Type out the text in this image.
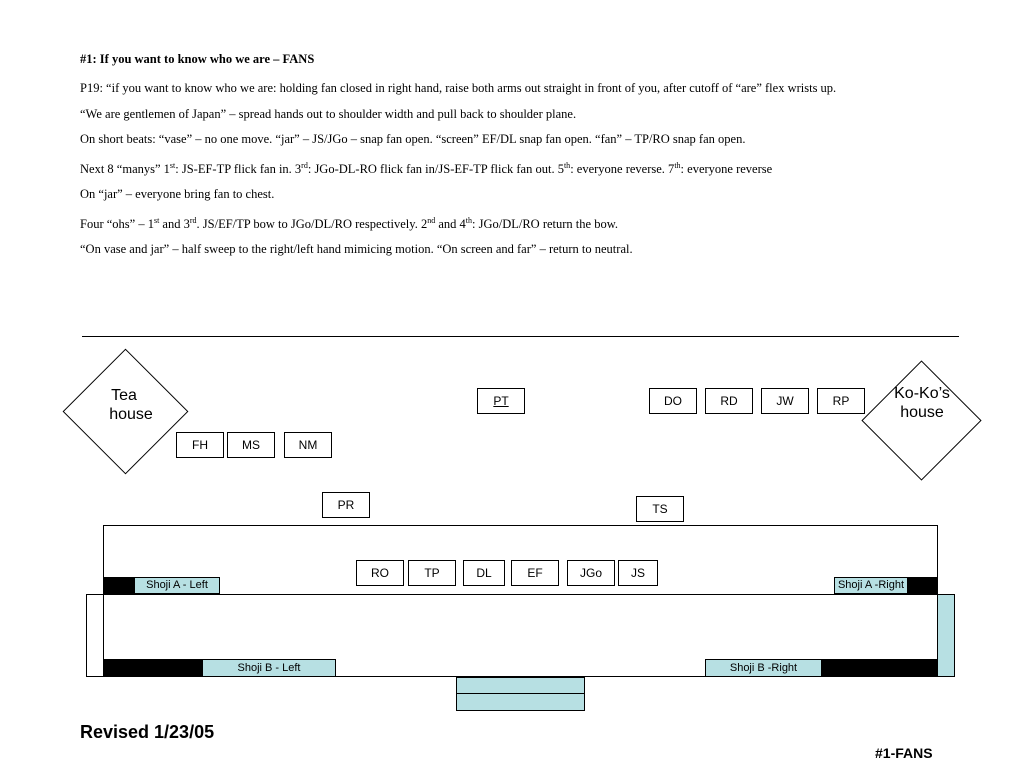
#1: If you want to know who we are – FANS

P19: “if you want to know who we are: holding fan closed in right hand, raise both arms out straight in front of you, after cutoff of “are” flex wrists up.

“We are gentlemen of Japan” – spread hands out to shoulder width and pull back to shoulder plane.

On short beats: “vase” – no one move. “jar” – JS/JGo – snap fan open. “screen” EF/DL snap fan open. “fan” – TP/RO snap fan open.

Next 8 “manys” 1st: JS-EF-TP flick fan in. 3rd: JGo-DL-RO flick fan in/JS-EF-TP flick fan out. 5th: everyone reverse. 7th: everyone reverse

On “jar” – everyone bring fan to chest.

Four “ohs” – 1st and 3rd. JS/EF/TP bow to JGo/DL/RO respectively. 2nd and 4th: JGo/DL/RO return the bow.

“On vase and jar” – half sweep to the right/left hand mimicing motion. “On screen and far” – return to neutral.

Tea
house
Ko-Ko’s
house
FH	MS	NM
PT	DO	RD	JW	RP
PR	TS
RO	TP	DL	EF	JGo	JS
Shoji A - Left	Shoji A -Right
Shoji B - Left	Shoji B -Right
Revised 1/23/05
#1-FANS
